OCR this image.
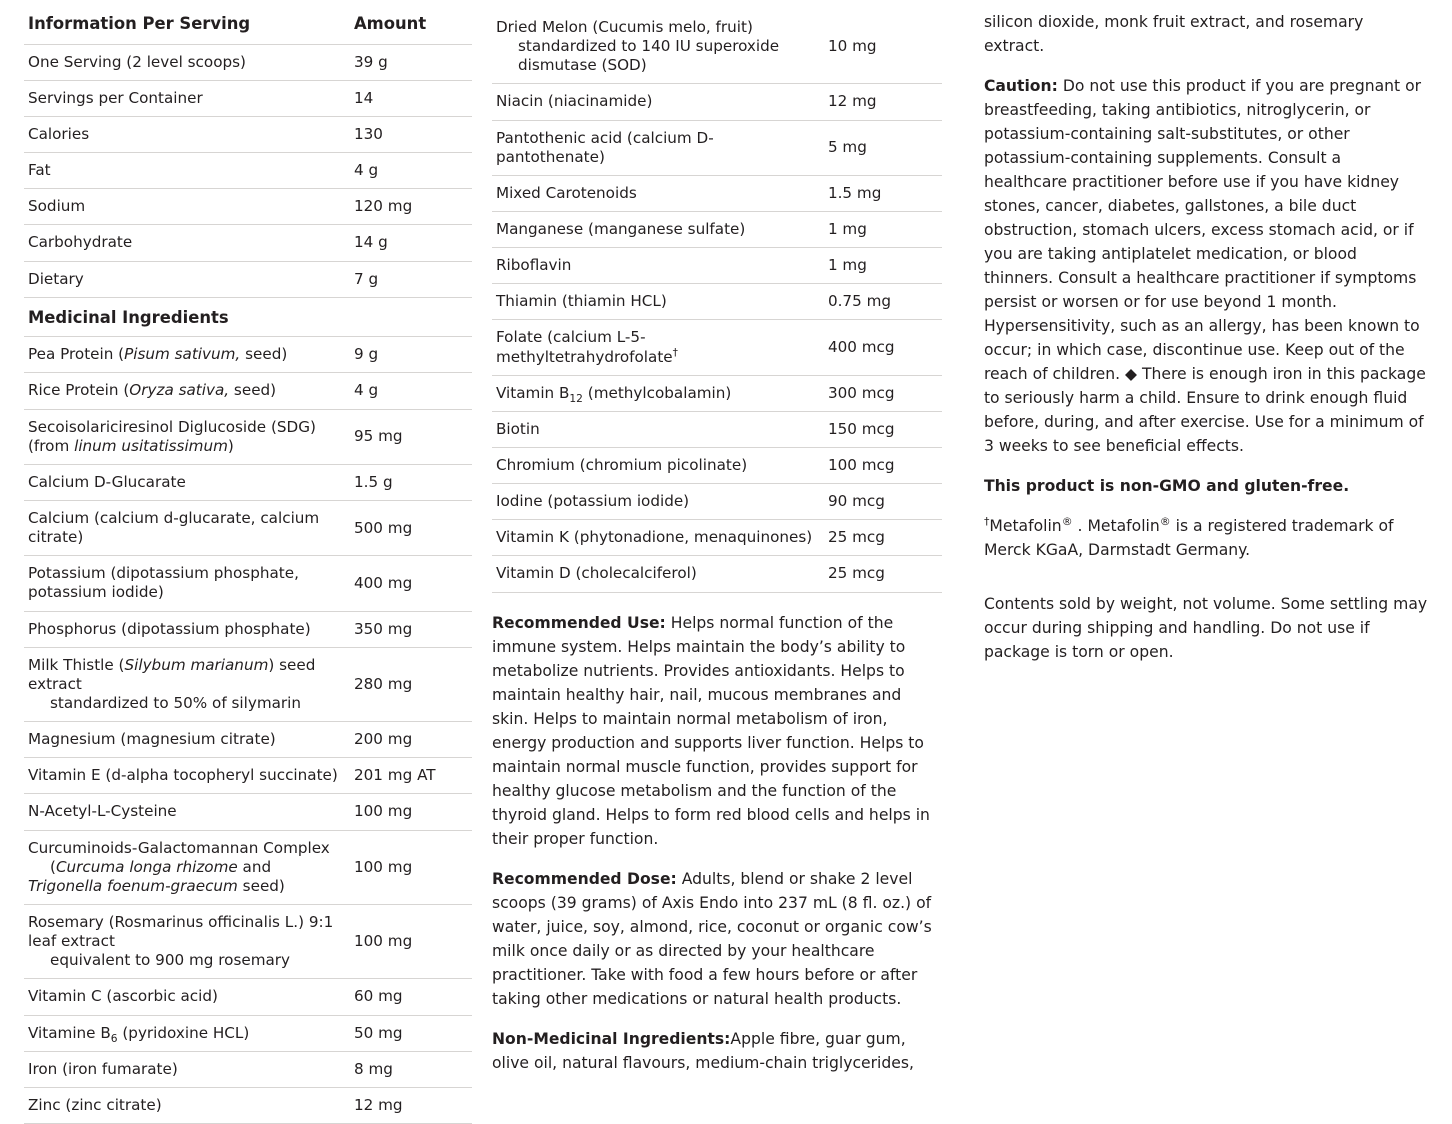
Information Per Serving	Amount
One Serving (2 level scoops)	39 g
Servings per Container	14
Calories	130
Fat	4 g
Sodium	120 mg
Carbohydrate	14 g
Dietary	7 g
Medicinal Ingredients	
Pea Protein (Pisum sativum, seed)	9 g
Rice Protein (Oryza sativa, seed)	4 g
Secoisolariciresinol Diglucoside (SDG) (from linum usitatissimum)	95 mg
Calcium D-Glucarate	1.5 g
Calcium (calcium d-glucarate, calcium citrate)	500 mg
Potassium (dipotassium phosphate, potassium iodide)	400 mg
Phosphorus (dipotassium phosphate)	350 mg
Milk Thistle (Silybum marianum) seed extract
standardized to 50% of silymarin	280 mg
Magnesium (magnesium citrate)	200 mg
Vitamin E (d-alpha tocopheryl succinate)	201 mg AT
N-Acetyl-L-Cysteine	100 mg

Curcuminoids-Galactomannan Complex
(Curcuma longa rhizome and
Trigonella foenum-graecum seed)	100 mg

Rosemary (Rosmarinus officinalis L.) 9:1 leaf extract
equivalent to 900 mg rosemary	100 mg
Vitamin C (ascorbic acid)	60 mg
Vitamine $B_6$ (pyridoxine HCL)	50 mg
Iron (iron fumarate)	8 mg
Zinc (zinc citrate)	12 mg
Dried Melon (Cucumis melo, fruit)
standardized to 140 IU superoxide dismutase (SOD)	10 mg
Niacin (niacinamide)	12 mg
Pantothenic acid (calcium D-pantothenate)	5 mg
Mixed Carotenoids	1.5 mg
Manganese (manganese sulfate)	1 mg
Riboflavin	1 mg
Thiamin (thiamin HCL)	0.75 mg
Folate (calcium L-5-methyltetrahydrofolate†	400 mcg
Vitamin $B_{12}$ (methylcobalamin)	300 mcg
Biotin	150 mcg
Chromium (chromium picolinate)	100 mcg
Iodine (potassium iodide)	90 mcg
Vitamin K (phytonadione, menaquinones)	25 mcg
Vitamin D (cholecalciferol)	25 mcg

Recommended Use: Helps normal function of the immune system. Helps maintain the body’s ability to metabolize nutrients. Provides antioxidants. Helps to maintain healthy hair, nail, mucous membranes and skin. Helps to maintain normal metabolism of iron, energy production and supports liver function. Helps to maintain normal muscle function, provides support for healthy glucose metabolism and the function of the thyroid gland. Helps to form red blood cells and helps in their proper function.

Recommended Dose: Adults, blend or shake 2 level scoops (39 grams) of Axis Endo into 237 mL (8 fl. oz.) of water, juice, soy, almond, rice, coconut or organic cow’s milk once daily or as directed by your healthcare practitioner. Take with food a few hours before or after taking other medications or natural health products.

Non-Medicinal Ingredients:Apple fibre, guar gum, olive oil, natural flavours, medium-chain triglycerides,

silicon dioxide, monk fruit extract, and rosemary extract.

Caution: Do not use this product if you are pregnant or breastfeeding, taking antibiotics, nitroglycerin, or potassium-containing salt-substitutes, or other potassium-containing supplements. Consult a healthcare practitioner before use if you have kidney stones, cancer, diabetes, gallstones, a bile duct obstruction, stomach ulcers, excess stomach acid, or if you are taking antiplatelet medication, or blood thinners. Consult a healthcare practitioner if symptoms persist or worsen or for use beyond 1 month. Hypersensitivity, such as an allergy, has been known to occur; in which case, discontinue use. Keep out of the reach of children. ◆ There is enough iron in this package to seriously harm a child. Ensure to drink enough fluid before, during, and after exercise. Use for a minimum of 3 weeks to see beneficial effects.

This product is non-GMO and gluten-free.

†Metafolin® . Metafolin® is a registered trademark of Merck KGaA, Darmstadt Germany.

Contents sold by weight, not volume. Some settling may occur during shipping and handling. Do not use if package is torn or open.
